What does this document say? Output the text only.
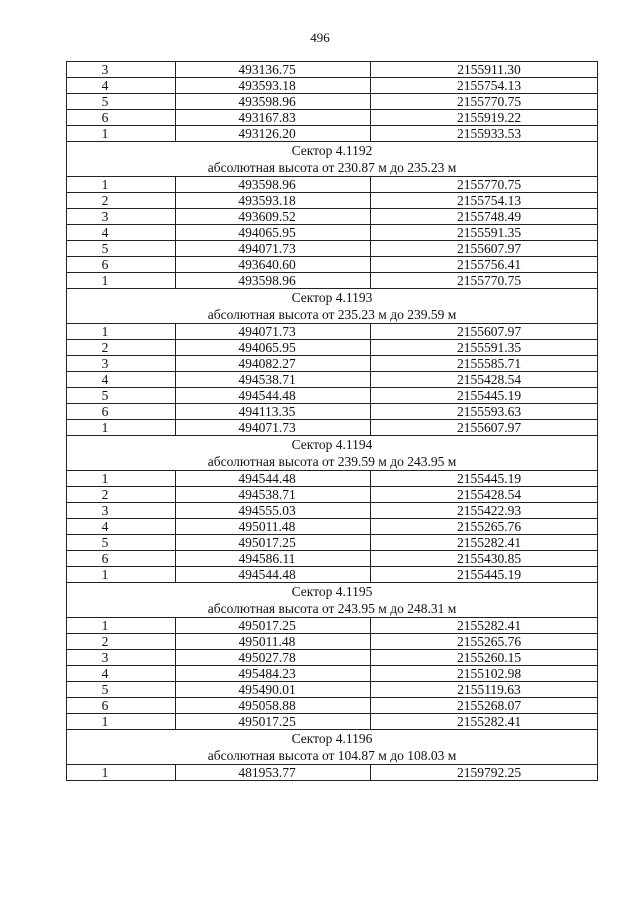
496
3	493136.75	2155911.30
4	493593.18	2155754.13
5	493598.96	2155770.75
6	493167.83	2155919.22
1	493126.20	2155933.53
Сектор 4.1192		
абсолютная высота от 230.87 м до 235.23 м		
1	493598.96	2155770.75
2	493593.18	2155754.13
3	493609.52	2155748.49
4	494065.95	2155591.35
5	494071.73	2155607.97
6	493640.60	2155756.41
1	493598.96	2155770.75
Сектор 4.1193		
абсолютная высота от 235.23 м до 239.59 м		
1	494071.73	2155607.97
2	494065.95	2155591.35
3	494082.27	2155585.71
4	494538.71	2155428.54
5	494544.48	2155445.19
6	494113.35	2155593.63
1	494071.73	2155607.97
Сектор 4.1194		
абсолютная высота от 239.59 м до 243.95 м		
1	494544.48	2155445.19
2	494538.71	2155428.54
3	494555.03	2155422.93
4	495011.48	2155265.76
5	495017.25	2155282.41
6	494586.11	2155430.85
1	494544.48	2155445.19
Сектор 4.1195		
абсолютная высота от 243.95 м до 248.31 м		
1	495017.25	2155282.41
2	495011.48	2155265.76
3	495027.78	2155260.15
4	495484.23	2155102.98
5	495490.01	2155119.63
6	495058.88	2155268.07
1	495017.25	2155282.41
Сектор 4.1196		
абсолютная высота от 104.87 м до 108.03 м		
1	481953.77	2159792.25
